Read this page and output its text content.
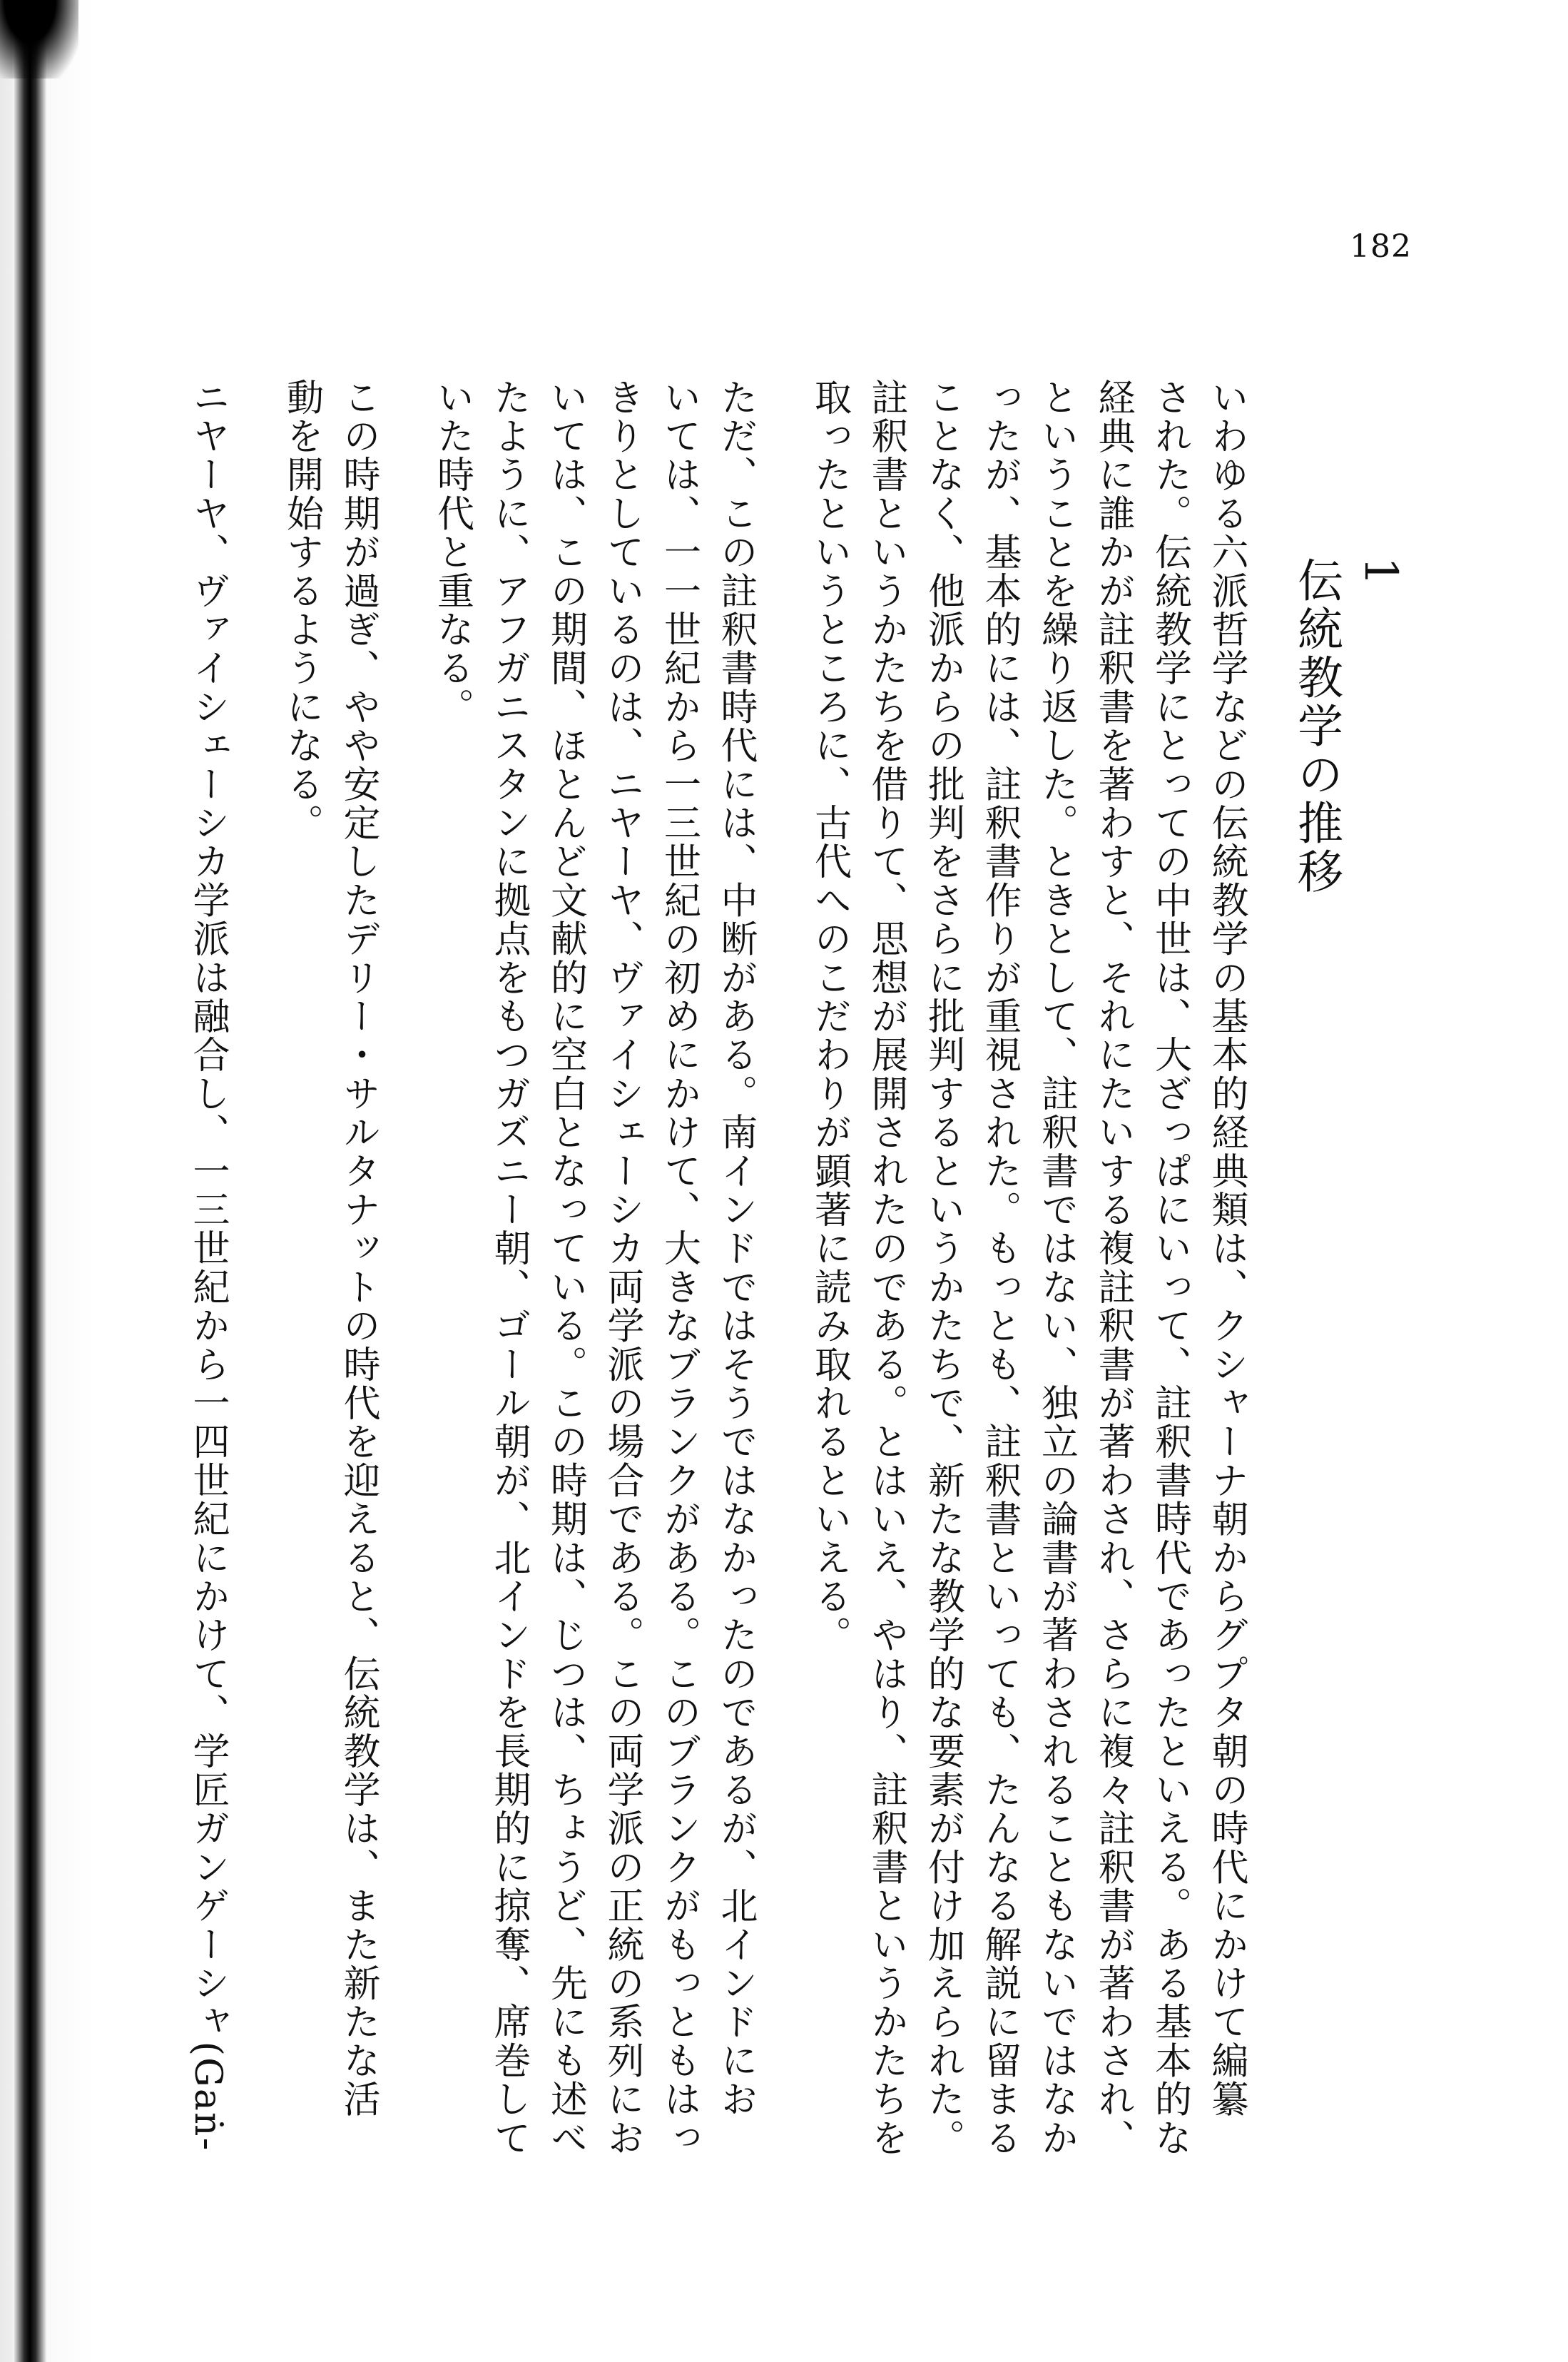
182
1
伝統教学の推移
いわゆる六派哲学などの伝統教学の基本的経典類は、クシャーナ朝からグプタ朝の時代にかけて編纂
された。伝統教学にとっての中世は、大ざっぱにいって、註釈書時代であったといえる。ある基本的な
経典に誰かが註釈書を著わすと、それにたいする複註釈書が著わされ、さらに複々註釈書が著わされ、
ということを繰り返した。ときとして、註釈書ではない、独立の論書が著わされることもないではなか
ったが、基本的には、註釈書作りが重視された。もっとも、註釈書といっても、たんなる解説に留まる
ことなく、他派からの批判をさらに批判するというかたちで、新たな教学的な要素が付け加えられた。
註釈書というかたちを借りて、思想が展開されたのである。とはいえ、やはり、註釈書というかたちを
取ったというところに、古代へのこだわりが顕著に読み取れるといえる。
ただ、この註釈書時代には、中断がある。南インドではそうではなかったのであるが、北インドにお
いては、一一世紀から一三世紀の初めにかけて、大きなブランクがある。このブランクがもっともはっ
きりとしているのは、ニヤーヤ、ヴァイシェーシカ両学派の場合である。この両学派の正統の系列にお
いては、この期間、ほとんど文献的に空白となっている。この時期は、じつは、ちょうど、先にも述べ
たように、アフガニスタンに拠点をもつガズニー朝、ゴール朝が、北インドを長期的に掠奪、席巻して
いた時代と重なる。
この時期が過ぎ、やや安定したデリー・サルタナットの時代を迎えると、伝統教学は、また新たな活
動を開始するようになる。
ニヤーヤ、ヴァイシェーシカ学派は融合し、一三世紀から一四世紀にかけて、学匠ガンゲーシャ(Gaṅ-
